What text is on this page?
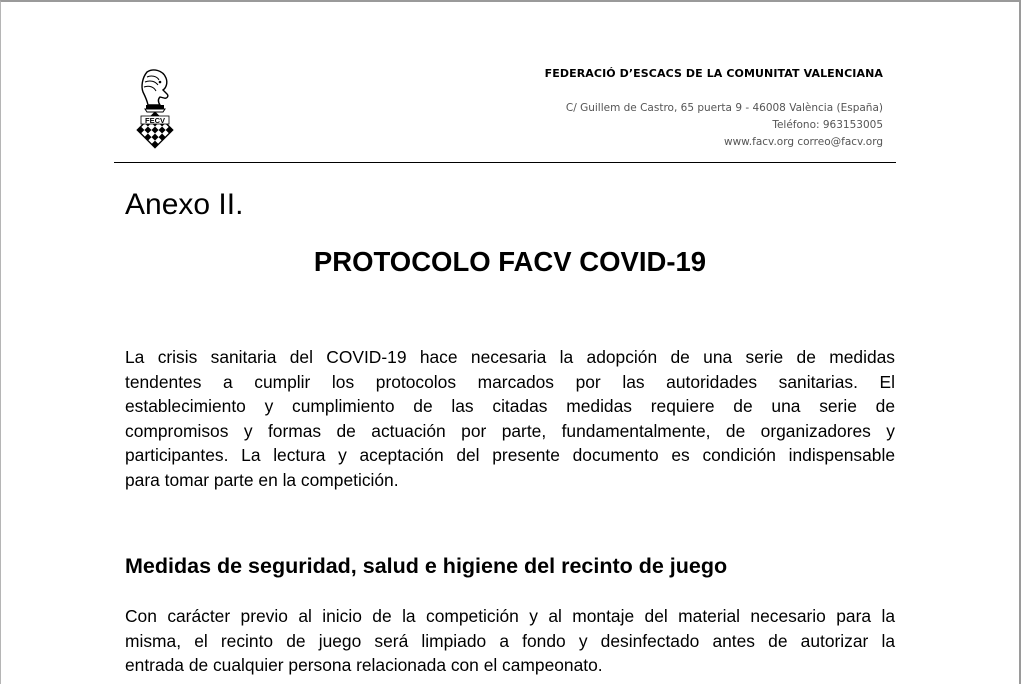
FECV
FEDERACIÓ D’ESCACS DE LA COMUNITAT VALENCIANA
C/ Guillem de Castro, 65 puerta 9 - 46008 València (España)
Teléfono: 963153005
www.facv.org correo@facv.org
Anexo II.
PROTOCOLO FACV COVID-19
La crisis sanitaria del COVID-19 hace necesaria la adopción de una serie de medidas
tendentes a cumplir los protocolos marcados por las autoridades sanitarias. El
establecimiento y cumplimiento de las citadas medidas requiere de una serie de
compromisos y formas de actuación por parte, fundamentalmente, de organizadores y
participantes. La lectura y aceptación del presente documento es condición indispensable
para tomar parte en la competición.
Medidas de seguridad, salud e higiene del recinto de juego
Con carácter previo al inicio de la competición y al montaje del material necesario para la
misma, el recinto de juego será limpiado a fondo y desinfectado antes de autorizar la
entrada de cualquier persona relacionada con el campeonato.
